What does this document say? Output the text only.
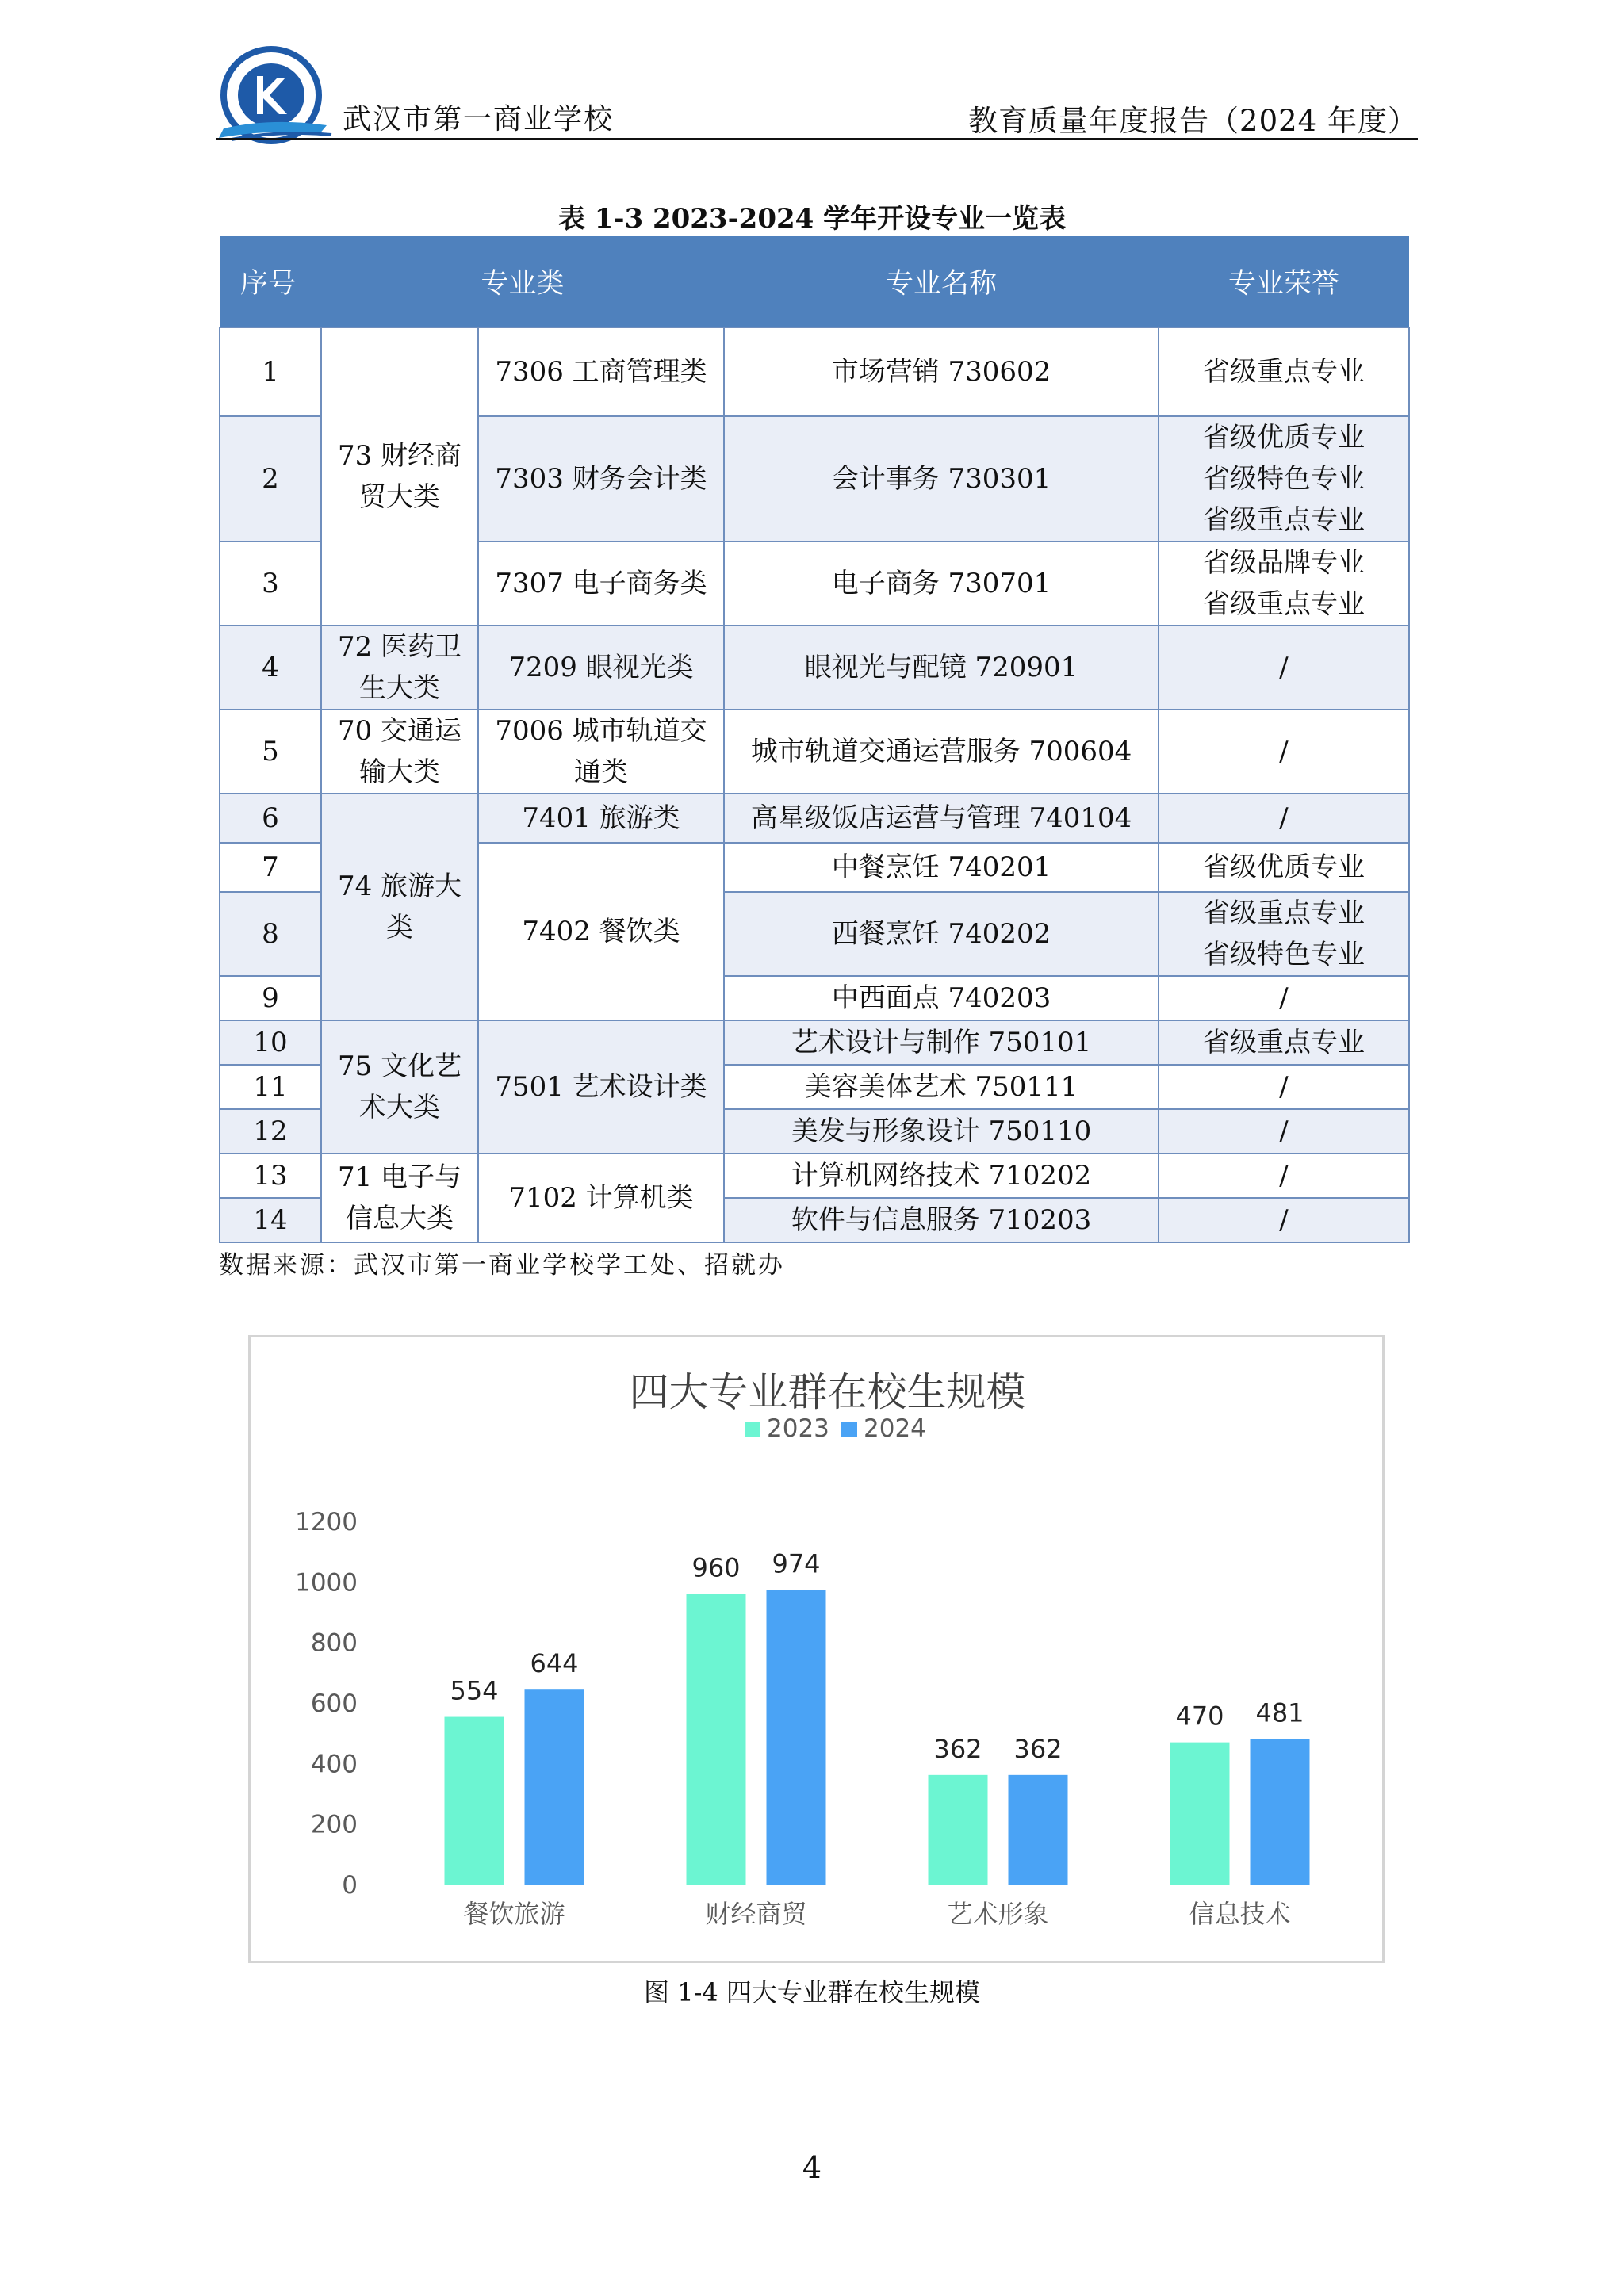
武汉市第一商业学校	教育质量年度报告（2024 年度）
表 1-3 2023-2024 学年开设专业一览表
序号	专业类		专业名称	专业荣誉
1	73 财经商贸大类	7306 工商管理类	市场营销 730602	省级重点专业
2		7303 财务会计类	会计事务 730301	省级优质专业
省级特色专业
省级重点专业
3		7307 电子商务类	电子商务 730701	省级品牌专业
省级重点专业
4	72 医药卫生大类	7209 眼视光类	眼视光与配镜 720901	/
5	70 交通运输大类	7006 城市轨道交通类	城市轨道交通运营服务 700604	/
6	74 旅游大类	7401 旅游类	高星级饭店运营与管理 740104	/
7		7402 餐饮类	中餐烹饪 740201	省级优质专业
8			西餐烹饪 740202	省级重点专业
省级特色专业
9			中西面点 740203	/
10	75 文化艺术大类	7501 艺术设计类	艺术设计与制作 750101	省级重点专业
11			美容美体艺术 750111	/
12			美发与形象设计 750110	/
13	71 电子与信息大类	7102 计算机类	计算机网络技术 710202	/
14			软件与信息服务 710203	/
数据来源：武汉市第一商业学校学工处、招就办
四大专业群在校生规模
2023 2024
0
200
400
600
800
1000
1200
554
644
餐饮旅游
960 974
财经商贸
362 362
艺术形象
470 481
信息技术
图 1-4 四大专业群在校生规模
4
